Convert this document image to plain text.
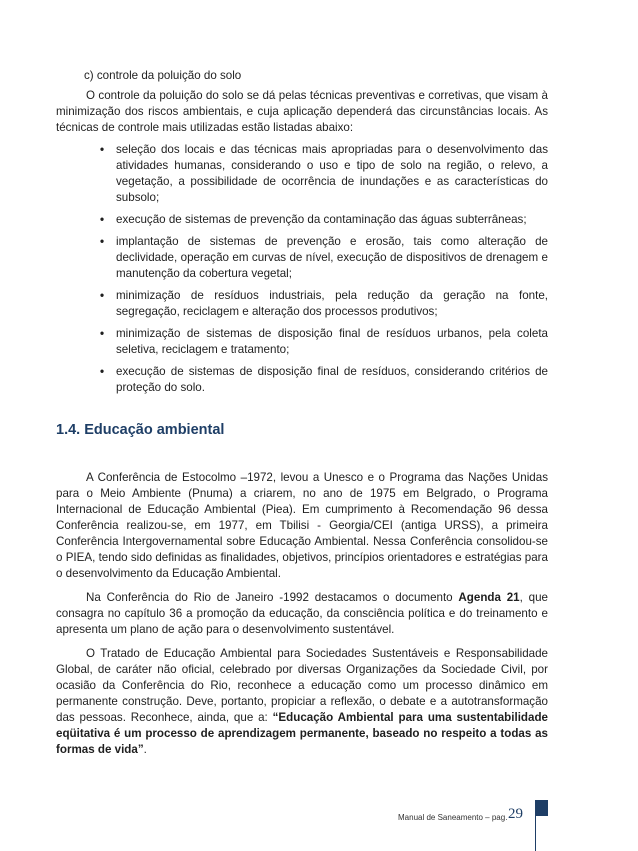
c) controle da poluição do solo

O controle da poluição do solo se dá pelas técnicas preventivas e corretivas, que visam à minimização dos riscos ambientais, e cuja aplicação dependerá das circunstâncias locais. As técnicas de controle mais utilizadas estão listadas abaixo:

• seleção dos locais e das técnicas mais apropriadas para o desenvolvimento das atividades humanas, considerando o uso e tipo de solo na região, o relevo, a vegetação, a possibilidade de ocorrência de inundações e as características do subsolo;
• execução de sistemas de prevenção da contaminação das águas subterrâneas;
• implantação de sistemas de prevenção e erosão, tais como alteração de declividade, operação em curvas de nível, execução de dispositivos de drenagem e manutenção da cobertura vegetal;
• minimização de resíduos industriais, pela redução da geração na fonte, segregação, reciclagem e alteração dos processos produtivos;
• minimização de sistemas de disposição final de resíduos urbanos, pela coleta seletiva, reciclagem e tratamento;
• execução de sistemas de disposição final de resíduos, considerando critérios de proteção do solo.
1.4. Educação ambiental

A Conferência de Estocolmo –1972, levou a Unesco e o Programa das Nações Unidas para o Meio Ambiente (Pnuma) a criarem, no ano de 1975 em Belgrado, o Programa Internacional de Educação Ambiental (Piea). Em cumprimento à Recomendação 96 dessa Conferência realizou-se, em 1977, em Tbilisi - Georgia/CEI (antiga URSS), a primeira Conferência Intergovernamental sobre Educação Ambiental. Nessa Conferência consolidou-se o PIEA, tendo sido definidas as finalidades, objetivos, princípios orientadores e estratégias para o desenvolvimento da Educação Ambiental.

Na Conferência do Rio de Janeiro -1992 destacamos o documento Agenda 21, que consagra no capítulo 36 a promoção da educação, da consciência política e do treinamento e apresenta um plano de ação para o desenvolvimento sustentável.

O Tratado de Educação Ambiental para Sociedades Sustentáveis e Responsabilidade Global, de caráter não oficial, celebrado por diversas Organizações da Sociedade Civil, por ocasião da Conferência do Rio, reconhece a educação como um processo dinâmico em permanente construção. Deve, portanto, propiciar a reflexão, o debate e a autotransformação das pessoas. Reconhece, ainda, que a: “Educação Ambiental para uma sustentabilidade eqüitativa é um processo de aprendizagem permanente, baseado no respeito a todas as formas de vida”.

Manual de Saneamento – pag. 29
